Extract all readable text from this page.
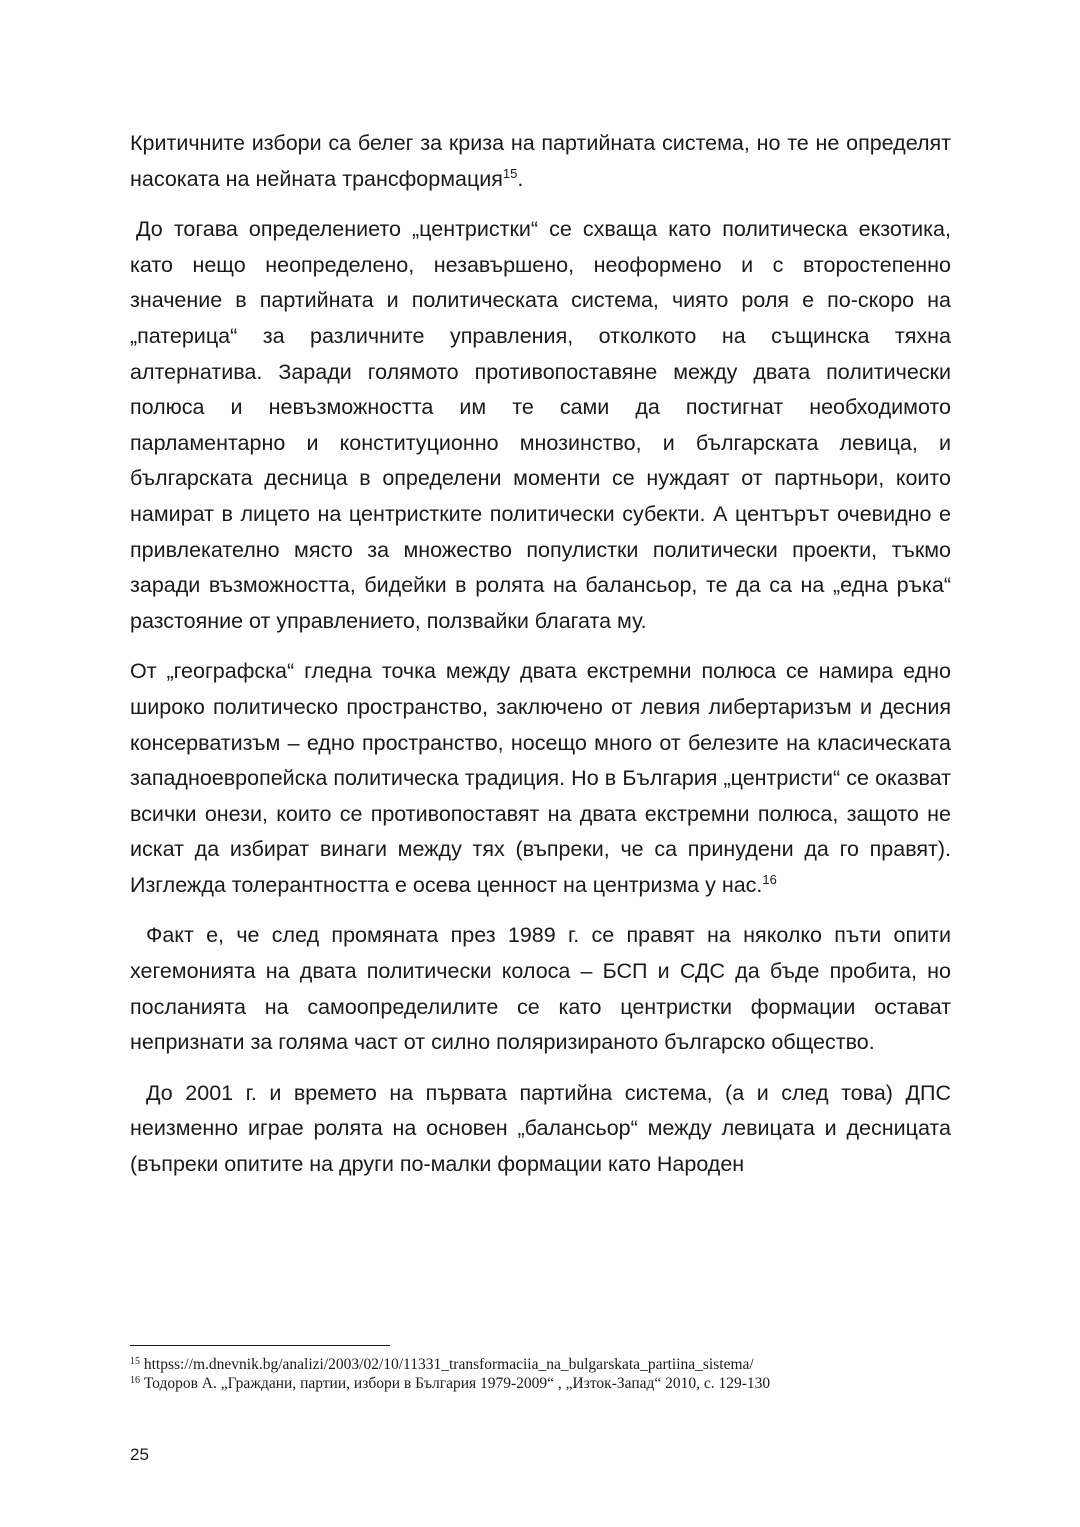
Критичните избори са белег за криза на партийната система, но те не определят насоката на нейната трансформация$^{15}$.

До тогава определението „центристки“ се схваща като политическа екзотика, като нещо неопределено, незавършено, неоформено и с второстепенно значение в партийната и политическата система, чиято роля е по-скоро на „патерица“ за различните управления, отколкото на същинска тяхна алтернатива. Заради голямото противопоставяне между двата политически полюса и невъзможността им те сами да постигнат необходимото парламентарно и конституционно мнозинство, и българската левица, и българската десница в определени моменти се нуждаят от партньори, които намират в лицето на центристките политически субекти. А центърът очевидно е привлекателно място за множество популистки политически проекти, тъкмо заради възможността, бидейки в ролята на балансьор, те да са на „една ръка“ разстояние от управлението, ползвайки благата му.

От „географска“ гледна точка между двата екстремни полюса се намира едно широко политическо пространство, заключено от левия либертаризъм и десния консерватизъм – едно пространство, носещо много от белезите на класическата западноевропейска политическа традиция. Но в България „центристи“ се оказват всички онези, които се противопоставят на двата екстремни полюса, защото не искат да избират винаги между тях (въпреки, че са принудени да го правят). Изглежда толерантността е осева ценност на центризма у нас.$^{16}$

Факт е, че след промяната през 1989 г. се правят на няколко пъти опити хегемонията на двата политически колоса – БСП и СДС да бъде пробита, но посланията на самоопределилите се като центристки формации остават непризнати за голяма част от силно поляризираното българско общество.

До 2001 г. и времето на първата партийна система, (а и след това) ДПС неизменно играе ролята на основен „балансьор“ между левицата и десницата (въпреки опитите на други по-малки формации като Народен

$^{15}$ httpss://m.dnevnik.bg/analizi/2003/02/10/11331_transformaciia_na_bulgarskata_partiina_sistema/

$^{16}$ Тодоров А. „Граждани, партии, избори в България 1979-2009“ , „Изток-Запад“ 2010, с. 129-130

25
